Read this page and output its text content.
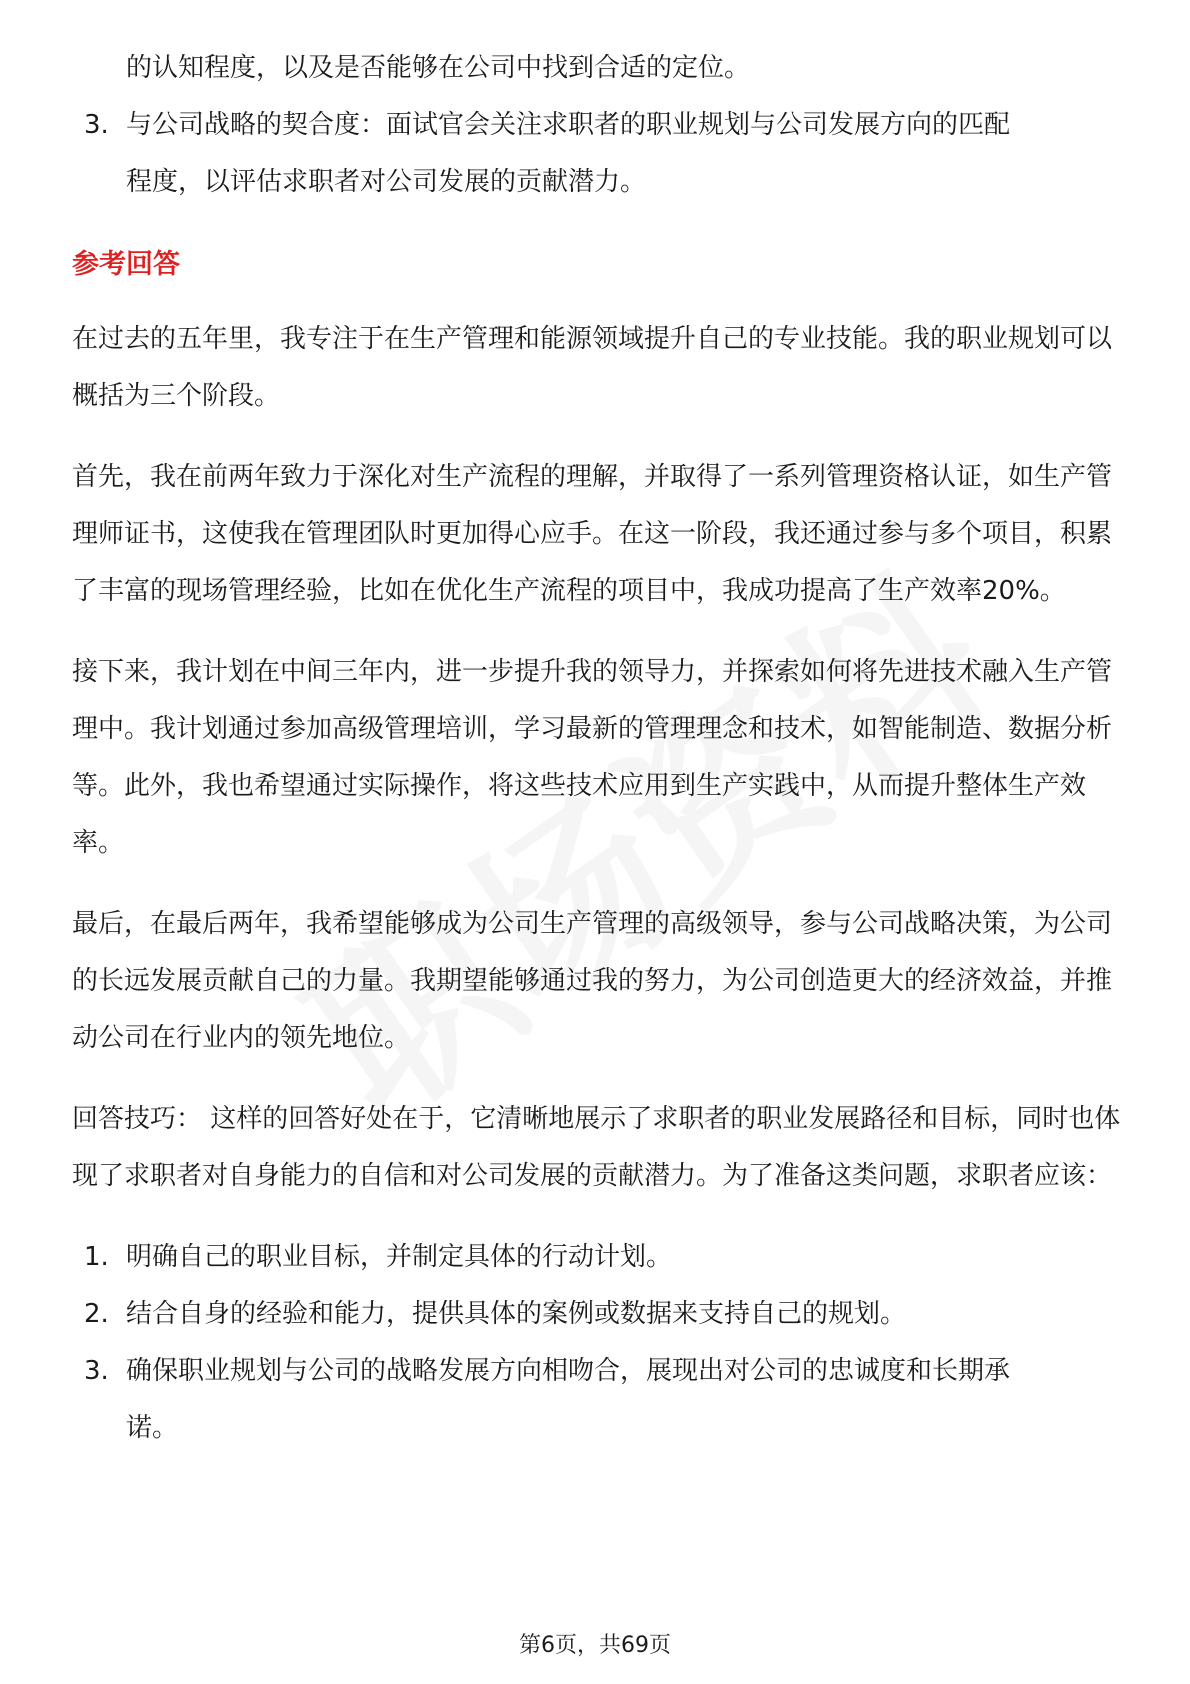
的认知程度，以及是否能够在公司中找到合适的定位。
3. 与公司战略的契合度：面试官会关注求职者的职业规划与公司发展方向的匹配
程度，以评估求职者对公司发展的贡献潜力。
参考回答

在过去的五年里，我专注于在生产管理和能源领域提升自己的专业技能。我的职业规划可以概括为三个阶段。

首先，我在前两年致力于深化对生产流程的理解，并取得了一系列管理资格认证，如生产管理师证书，这使我在管理团队时更加得心应手。在这一阶段，我还通过参与多个项目，积累了丰富的现场管理经验，比如在优化生产流程的项目中，我成功提高了生产效率20%。

接下来，我计划在中间三年内，进一步提升我的领导力，并探索如何将先进技术融入生产管理中。我计划通过参加高级管理培训，学习最新的管理理念和技术，如智能制造、数据分析等。此外，我也希望通过实际操作，将这些技术应用到生产实践中，从而提升整体生产效率。

最后，在最后两年，我希望能够成为公司生产管理的高级领导，参与公司战略决策，为公司的长远发展贡献自己的力量。我期望能够通过我的努力，为公司创造更大的经济效益，并推动公司在行业内的领先地位。

回答技巧： 这样的回答好处在于，它清晰地展示了求职者的职业发展路径和目标，同时也体现了求职者对自身能力的自信和对公司发展的贡献潜力。为了准备这类问题，求职者应该：

1. 明确自己的职业目标，并制定具体的行动计划。
2. 结合自身的经验和能力，提供具体的案例或数据来支持自己的规划。
3. 确保职业规划与公司的战略发展方向相吻合，展现出对公司的忠诚度和长期承
诺。
第6页，共69页
